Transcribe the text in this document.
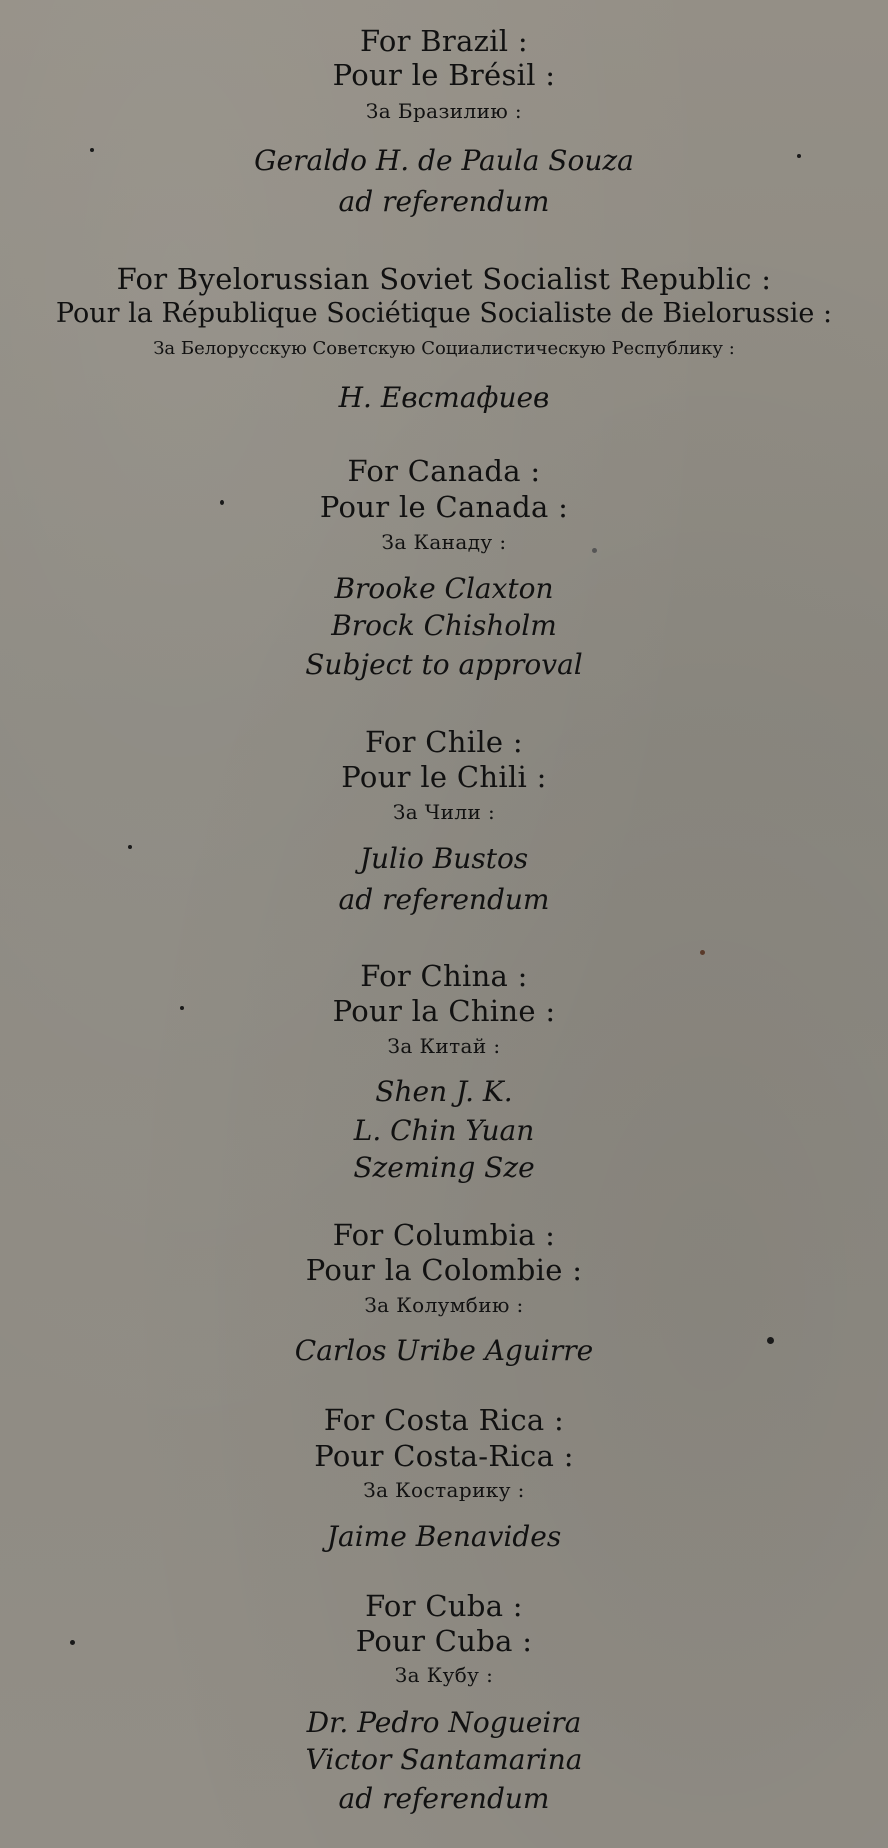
For Brazil :
Pour le Brésil :
За Бразилию :
Geraldo H. de Paula Souza
ad referendum
For Byelorussian Soviet Socialist Republic :
Pour la République Sociétique Socialiste de Bielorussie :
За Белорусскую Советскую Социалистическую Республику :
Н. Евстафиев
For Canada :
Pour le Canada :
За Канаду :
Brooke Claxton
Brock Chisholm
Subject to approval
For Chile :
Pour le Chili :
За Чили :
Julio Bustos
ad referendum
For China :
Pour la Chine :
За Китай :
Shen J. K.
L. Chin Yuan
Szeming Sze
For Columbia :
Pour la Colombie :
За Колумбию :
Carlos Uribe Aguirre
For Costa Rica :
Pour Costa-Rica :
За Костарику :
Jaime Benavides
For Cuba :
Pour Cuba :
За Кубу :
Dr. Pedro Nogueira
Victor Santamarina
ad referendum
